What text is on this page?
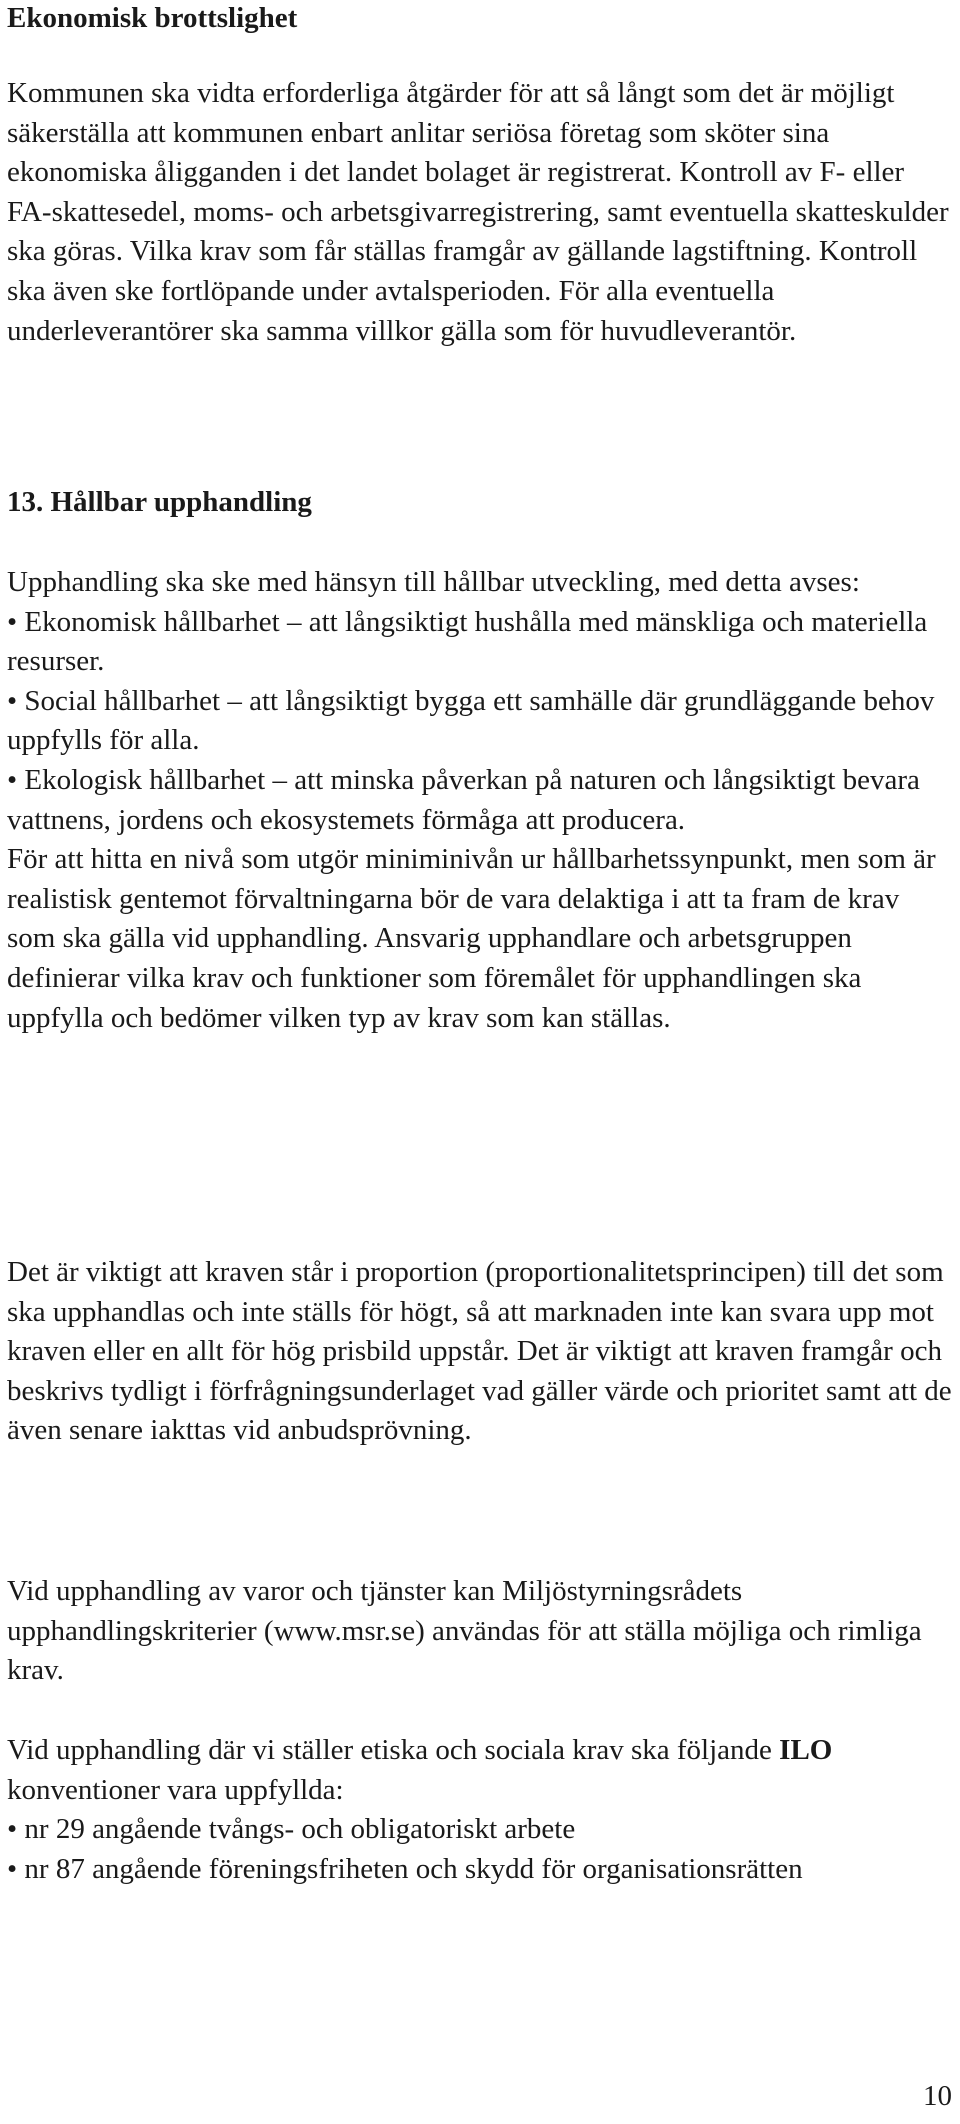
Ekonomisk brottslighet

Kommunen ska vidta erforderliga åtgärder för att så långt som det är möjligt säkerställa att kommunen enbart anlitar seriösa företag som sköter sina ekonomiska åligganden i det landet bolaget är registrerat. Kontroll av F- eller FA-skattesedel, moms- och arbetsgivarregistrering, samt eventuella skatteskulder ska göras. Vilka krav som får ställas framgår av gällande lagstiftning. Kontroll ska även ske fortlöpande under avtalsperioden. För alla eventuella underleverantörer ska samma villkor gälla som för huvudleverantör.

13. Hållbar upphandling

Upphandling ska ske med hänsyn till hållbar utveckling, med detta avses:

• Ekonomisk hållbarhet – att långsiktigt hushålla med mänskliga och materiella resurser.

• Social hållbarhet – att långsiktigt bygga ett samhälle där grundläggande behov uppfylls för alla.

• Ekologisk hållbarhet – att minska påverkan på naturen och långsiktigt bevara vattnens, jordens och ekosystemets förmåga att producera.

För att hitta en nivå som utgör miniminivån ur hållbarhetssynpunkt, men som är realistisk gentemot förvaltningarna bör de vara delaktiga i att ta fram de krav som ska gälla vid upphandling. Ansvarig upphandlare och arbetsgruppen definierar vilka krav och funktioner som föremålet för upphandlingen ska uppfylla och bedömer vilken typ av krav som kan ställas.

Det är viktigt att kraven står i proportion (proportionalitetsprincipen) till det som ska upphandlas och inte ställs för högt, så att marknaden inte kan svara upp mot kraven eller en allt för hög prisbild uppstår. Det är viktigt att kraven framgår och beskrivs tydligt i förfrågningsunderlaget vad gäller värde och prioritet samt att de även senare iakttas vid anbudsprövning.

Vid upphandling av varor och tjänster kan Miljöstyrningsrådets upphandlingskriterier (www.msr.se) användas för att ställa möjliga och rimliga krav.

Vid upphandling där vi ställer etiska och sociala krav ska följande ILO konventioner vara uppfyllda:

• nr 29 angående tvångs- och obligatoriskt arbete

• nr 87 angående föreningsfriheten och skydd för organisationsrätten

10
